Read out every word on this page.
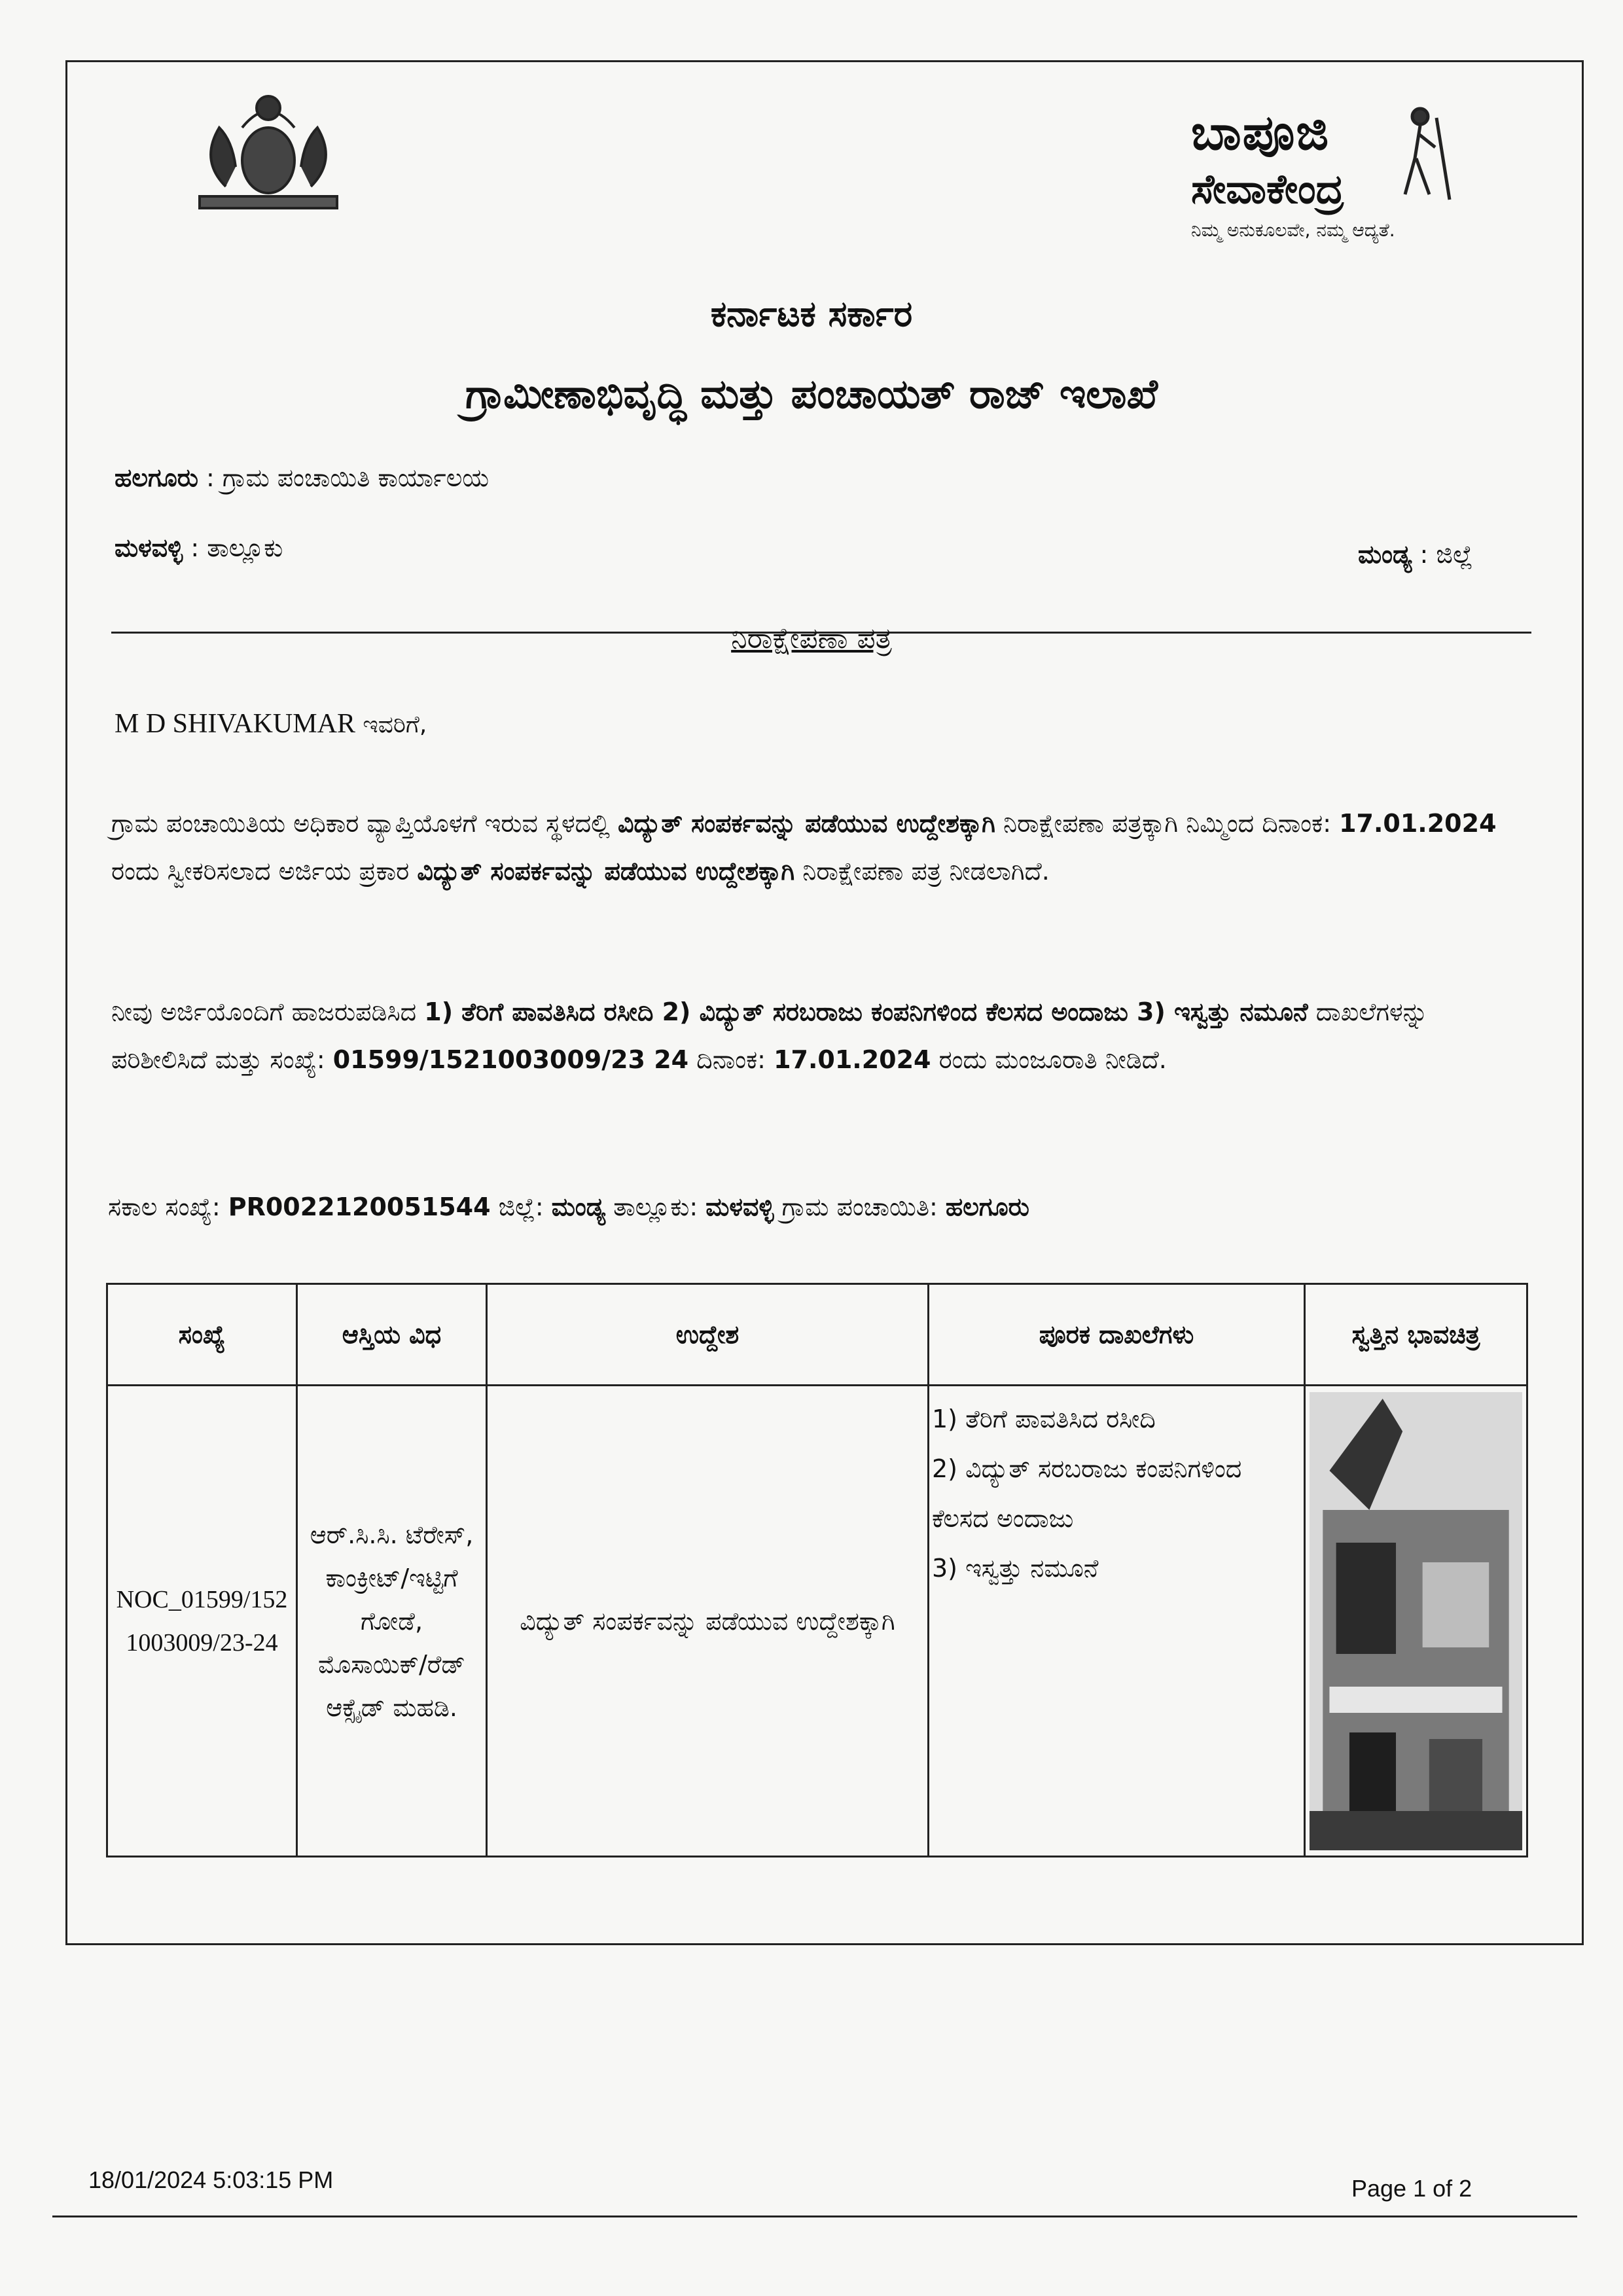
ಬಾಪೂಜಿ
ಸೇವಾಕೇಂದ್ರ
ನಿಮ್ಮ ಅನುಕೂಲವೇ, ನಮ್ಮ ಆದ್ಯತೆ.
ಕರ್ನಾಟಕ ಸರ್ಕಾರ
ಗ್ರಾಮೀಣಾಭಿವೃದ್ಧಿ ಮತ್ತು ಪಂಚಾಯತ್ ರಾಜ್ ಇಲಾಖೆ
ಹಲಗೂರು : ಗ್ರಾಮ ಪಂಚಾಯಿತಿ ಕಾರ್ಯಾಲಯ
ಮಳವಳ್ಳಿ : ತಾಲ್ಲೂಕು	ಮಂಡ್ಯ : ಜಿಲ್ಲೆ
ನಿರಾಕ್ಷೇಪಣಾ ಪತ್ರ
M D SHIVAKUMAR ಇವರಿಗೆ,
ಗ್ರಾಮ ಪಂಚಾಯಿತಿಯ ಅಧಿಕಾರ ವ್ಯಾಪ್ತಿಯೊಳಗೆ ಇರುವ ಸ್ಥಳದಲ್ಲಿ ವಿದ್ಯುತ್ ಸಂಪರ್ಕವನ್ನು ಪಡೆಯುವ ಉದ್ದೇಶಕ್ಕಾಗಿ ನಿರಾಕ್ಷೇಪಣಾ ಪತ್ರಕ್ಕಾಗಿ ನಿಮ್ಮಿಂದ ದಿನಾಂಕ: 17.01.2024 ರಂದು ಸ್ವೀಕರಿಸಲಾದ ಅರ್ಜಿಯ ಪ್ರಕಾರ ವಿದ್ಯುತ್ ಸಂಪರ್ಕವನ್ನು ಪಡೆಯುವ ಉದ್ದೇಶಕ್ಕಾಗಿ ನಿರಾಕ್ಷೇಪಣಾ ಪತ್ರ ನೀಡಲಾಗಿದೆ.
ನೀವು ಅರ್ಜಿಯೊಂದಿಗೆ ಹಾಜರುಪಡಿಸಿದ 1) ತೆರಿಗೆ ಪಾವತಿಸಿದ ರಸೀದಿ 2) ವಿದ್ಯುತ್ ಸರಬರಾಜು ಕಂಪನಿಗಳಿಂದ ಕೆಲಸದ ಅಂದಾಜು 3) ಇಸ್ವತ್ತು ನಮೂನೆ ದಾಖಲೆಗಳನ್ನು ಪರಿಶೀಲಿಸಿದೆ ಮತ್ತು ಸಂಖ್ಯೆ: 01599/1521003009/23 24 ದಿನಾಂಕ: 17.01.2024 ರಂದು ಮಂಜೂರಾತಿ ನೀಡಿದೆ.
ಸಕಾಲ ಸಂಖ್ಯೆ: PR0022120051544 ಜಿಲ್ಲೆ: ಮಂಡ್ಯ ತಾಲ್ಲೂಕು: ಮಳವಳ್ಳಿ ಗ್ರಾಮ ಪಂಚಾಯಿತಿ: ಹಲಗೂರು
ಸಂಖ್ಯೆ	ಆಸ್ತಿಯ ವಿಧ	ಉದ್ದೇಶ	ಪೂರಕ ದಾಖಲೆಗಳು	ಸ್ವತ್ತಿನ ಭಾವಚಿತ್ರ
NOC_01599/1521003009/23-24	ಆರ್.ಸಿ.ಸಿ. ಟೆರೇಸ್, ಕಾಂಕ್ರೀಟ್/ಇಟ್ಟಿಗೆ ಗೋಡೆ, ಮೊಸಾಯಿಕ್/ರೆಡ್ ಆಕ್ಸೈಡ್ ಮಹಡಿ.	ವಿದ್ಯುತ್ ಸಂಪರ್ಕವನ್ನು ಪಡೆಯುವ ಉದ್ದೇಶಕ್ಕಾಗಿ	1) ತೆರಿಗೆ ಪಾವತಿಸಿದ ರಸೀದಿ
2) ವಿದ್ಯುತ್ ಸರಬರಾಜು ಕಂಪನಿಗಳಿಂದ ಕೆಲಸದ ಅಂದಾಜು
3) ಇಸ್ವತ್ತು ನಮೂನೆ

18/01/2024 5:03:15 PM	Page 1 of 2
